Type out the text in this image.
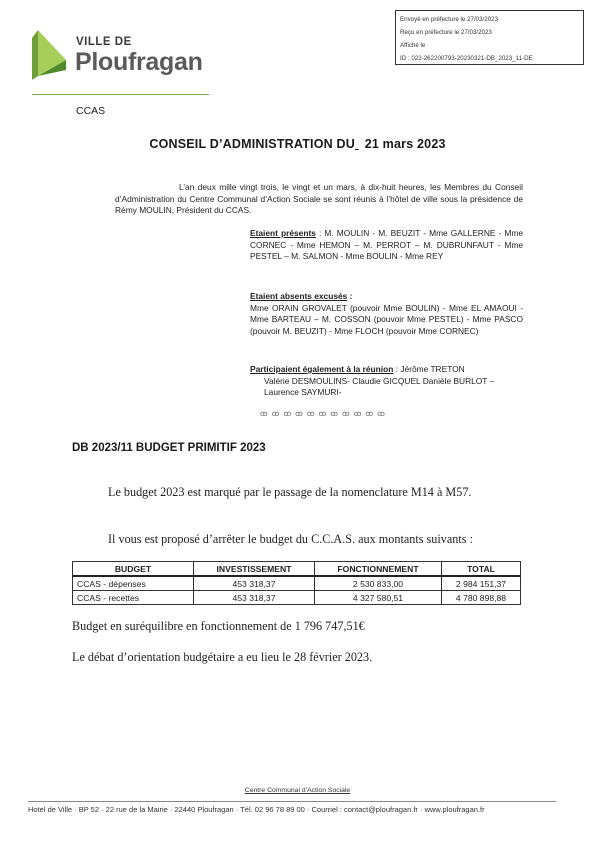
Envoyé en préfecture le 27/03/2023
Reçu en préfecture le 27/03/2023
Affiché le
ID : 022-262200793-20230321-DB_2023_11-DE
VILLE DE
Ploufragan
CCAS
CONSEIL D’ADMINISTRATION DU 21 mars 2023
L’an deux mille vingt trois, le vingt et un mars, à dix-huit heures, les Membres du Conseil d’Administration du Centre Communal d’Action Sociale se sont réunis à l’hôtel de ville sous la présidence de Rémy MOULIN, Président du CCAS.
Etaient présents : M. MOULIN - M. BEUZIT - Mme GALLERNE - Mme CORNEC - Mme HEMON – M. PERROT – M. DUBRUNFAUT - Mme PESTEL – M. SALMON - Mme BOULIN - Mme REY
Etaient absents excusés :
Mme ORAIN GROVALET (pouvoir Mme BOULIN) - Mme EL AMAOUI - Mme BARTEAU – M. COSSON (pouvoir Mme PESTEL) - Mme PASCO (pouvoir M. BEUZIT) - Mme FLOCH (pouvoir Mme CORNEC)
Participaient également à la réunion : Jérôme TRETON
Valérie DESMOULINS- Claudie GICQUEL Danièle BURLOT – Laurence SAYMURI-
ꝏ ꝏ ꝏ ꝏ ꝏ ꝏ ꝏ ꝏ ꝏ ꝏ ꝏ
DB 2023/11 BUDGET PRIMITIF 2023
Le budget 2023 est marqué par le passage de la nomenclature M14 à M57.
Il vous est proposé d’arrêter le budget du C.C.A.S. aux montants suivants :
BUDGET	INVESTISSEMENT	FONCTIONNEMENT	TOTAL
CCAS - dépenses	453 318,37	2 530 833,00	2 984 151,37
CCAS - recettes	453 318,37	4 327 580,51	4 780 898,88
Budget en suréquilibre en fonctionnement de 1 796 747,51€
Le débat d’orientation budgétaire a eu lieu le 28 février 2023.
Centre Communal d’Action Sociale
Hotel de Ville · BP 52 · 22 rue de la Mairie · 22440 Ploufragan · Tél. 02 96 78 89 00 · Courriel : contact@ploufragan.fr · www.ploufragan.fr
